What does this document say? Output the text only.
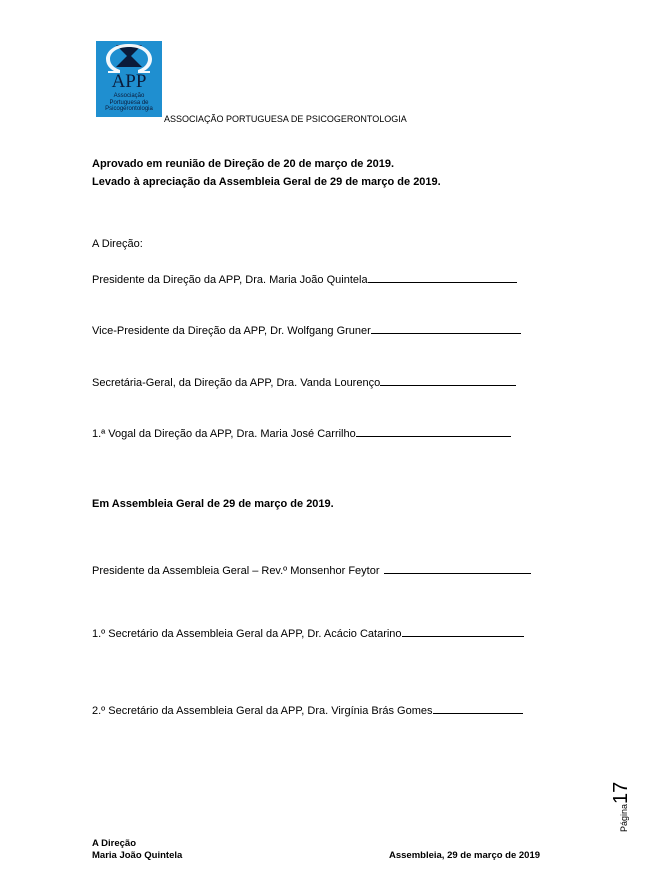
APP
Associação
Portuguesa de
Psicogerontologia
ASSOCIAÇÃO PORTUGUESA DE PSICOGERONTOLOGIA
Aprovado em reunião de Direção de 20 de março de 2019.
Levado à apreciação da Assembleia Geral de 29 de março de 2019.
A Direção:
Presidente da Direção da APP, Dra. Maria João Quintela
Vice-Presidente da Direção da APP, Dr. Wolfgang Gruner
Secretária-Geral, da Direção da APP, Dra. Vanda Lourenço
1.ª Vogal da Direção da APP, Dra. Maria José Carrilho
Em Assembleia Geral de 29 de março de 2019.
Presidente da Assembleia Geral – Rev.º Monsenhor Feytor
1.º Secretário da Assembleia Geral da APP, Dr. Acácio Catarino
2.º Secretário da Assembleia Geral da APP, Dra. Virgínia Brás Gomes
Página17
A Direção
Maria João Quintela	Assembleia, 29 de março de 2019
